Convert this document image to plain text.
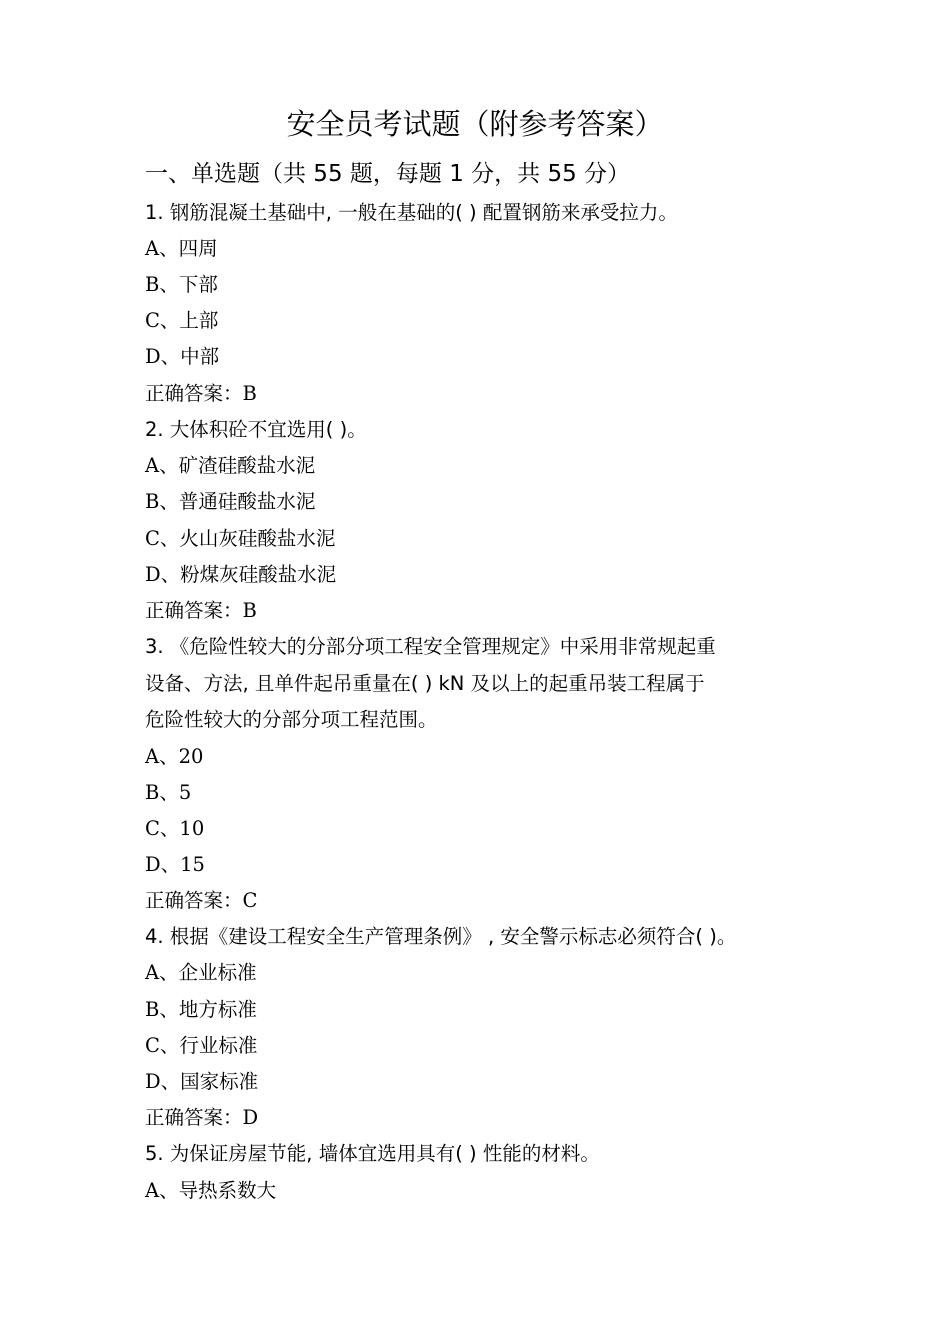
安全员考试题（附参考答案）
一、单选题（共 55 题，每题 1 分，共 55 分）
1. 钢筋混凝土基础中, 一般在基础的( ) 配置钢筋来承受拉力。
A、四周
B、下部
C、上部
D、中部
正确答案：B
2. 大体积砼不宜选用( )。
A、矿渣硅酸盐水泥
B、普通硅酸盐水泥
C、火山灰硅酸盐水泥
D、粉煤灰硅酸盐水泥
正确答案：B
3. 《危险性较大的分部分项工程安全管理规定》中采用非常规起重
设备、方法, 且单件起吊重量在( ) kN 及以上的起重吊装工程属于
危险性较大的分部分项工程范围。
A、20
B、5
C、10
D、15
正确答案：C
4. 根据《建设工程安全生产管理条例》 , 安全警示标志必须符合( )。
A、企业标准
B、地方标准
C、行业标准
D、国家标准
正确答案：D
5. 为保证房屋节能, 墙体宜选用具有( ) 性能的材料。
A、导热系数大
